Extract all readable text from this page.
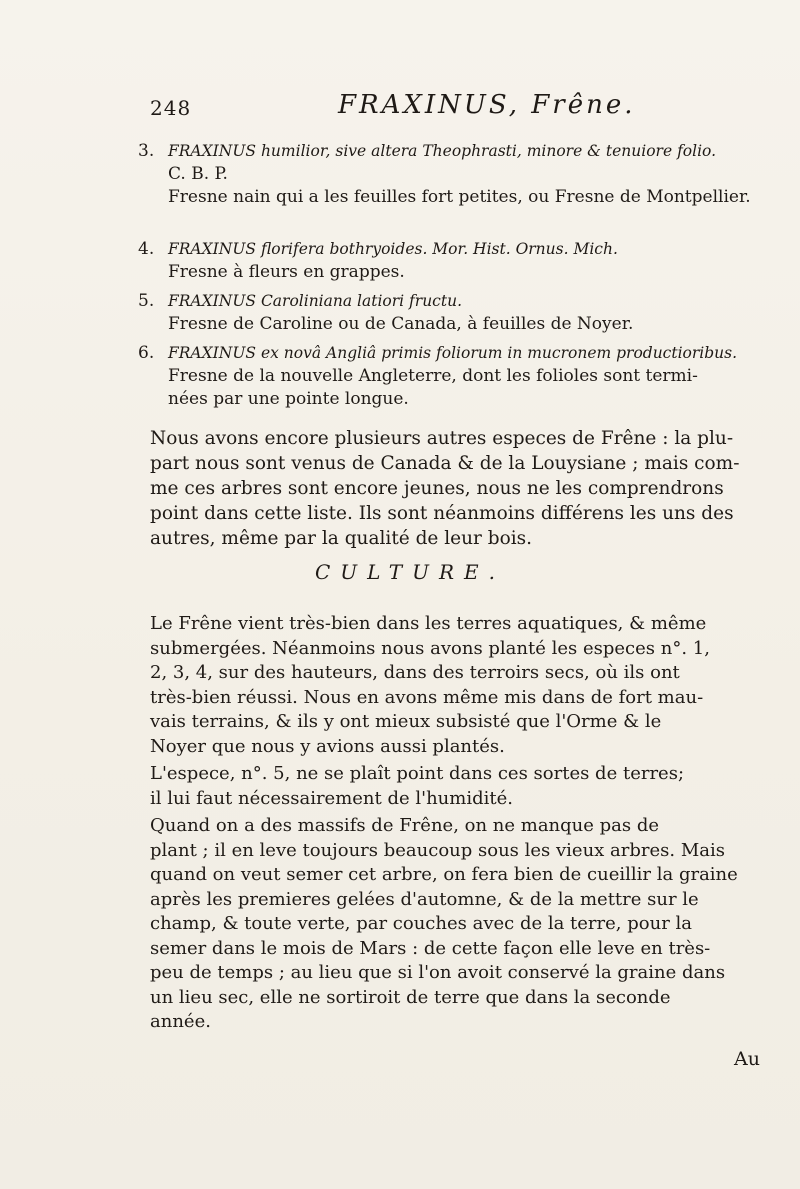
248	FRAXINUS, Frêne.
3. FRAXINUS humilior, sive altera Theophrasti, minore & tenuiore folio.
C. B. P.
Fresne nain qui a les feuilles fort petites, ou Fresne de Montpellier.
4. FRAXINUS florifera bothryoides. Mor. Hist. Ornus. Mich.
Fresne à fleurs en grappes.
5. FRAXINUS Caroliniana latiori fructu.
Fresne de Caroline ou de Canada, à feuilles de Noyer.
6. FRAXINUS ex novâ Angliâ primis foliorum in mucronem productioribus.
Fresne de la nouvelle Angleterre, dont les folioles sont termi-
nées par une pointe longue.
Nous avons encore plusieurs autres especes de Frêne : la plu-
part nous sont venus de Canada & de la Louysiane ; mais com-
me ces arbres sont encore jeunes, nous ne les comprendrons
point dans cette liste. Ils sont néanmoins différens les uns des
autres, même par la qualité de leur bois.
CULTURE.
Le Frêne vient très-bien dans les terres aquatiques, & même
submergées. Néanmoins nous avons planté les especes n°. 1,
2, 3, 4, sur des hauteurs, dans des terroirs secs, où ils ont
très-bien réussi. Nous en avons même mis dans de fort mau-
vais terrains, & ils y ont mieux subsisté que l'Orme & le
Noyer que nous y avions aussi plantés.
L'espece, n°. 5, ne se plaît point dans ces sortes de terres;
il lui faut nécessairement de l'humidité.
Quand on a des massifs de Frêne, on ne manque pas de
plant ; il en leve toujours beaucoup sous les vieux arbres. Mais
quand on veut semer cet arbre, on fera bien de cueillir la graine
après les premieres gelées d'automne, & de la mettre sur le
champ, & toute verte, par couches avec de la terre, pour la
semer dans le mois de Mars : de cette façon elle leve en très-
peu de temps ; au lieu que si l'on avoit conservé la graine dans
un lieu sec, elle ne sortiroit de terre que dans la seconde
année.
Au
